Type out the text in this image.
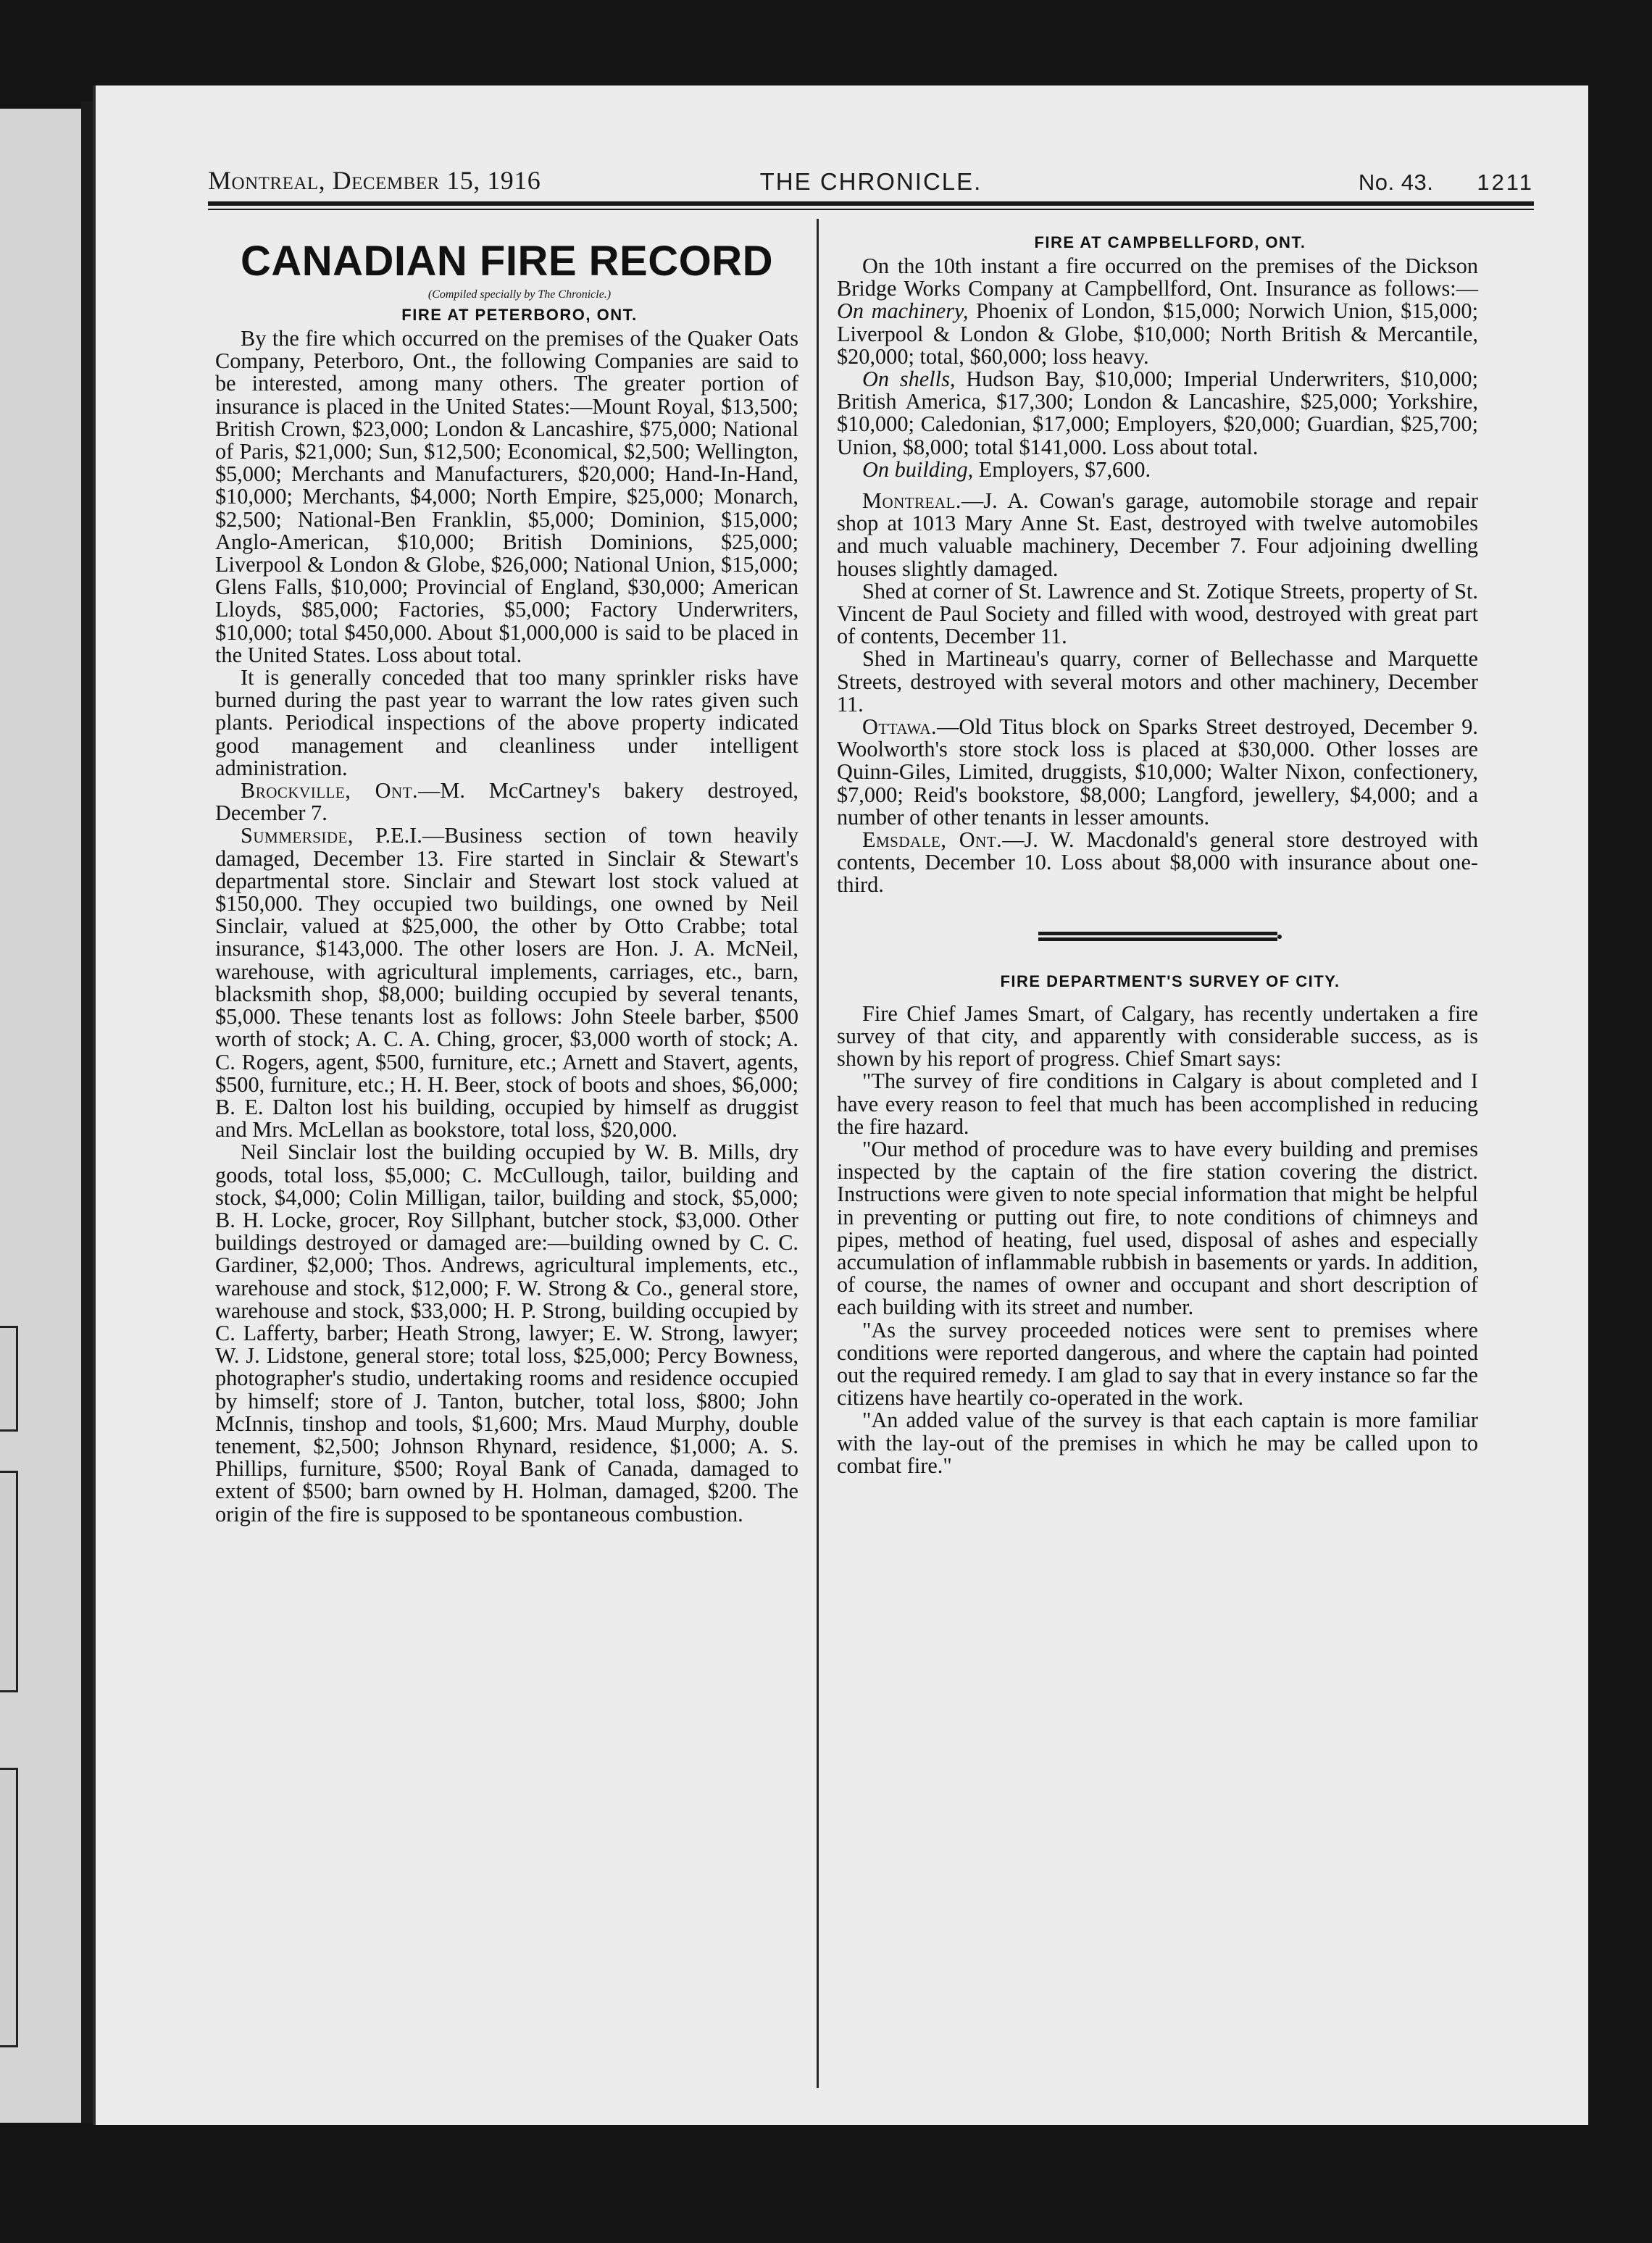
Montreal, December 15, 1916	THE CHRONICLE.	No. 43. 1211
CANADIAN FIRE RECORD

(Compiled specially by The Chronicle.)

FIRE AT PETERBORO, ONT.

By the fire which occurred on the premises of the Quaker Oats Company, Peterboro, Ont., the following Companies are said to be interested, among many others. The greater portion of insurance is placed in the United States:—Mount Royal, $13,500; British Crown, $23,000; London & Lancashire, $75,000; National of Paris, $21,000; Sun, $12,500; Economical, $2,500; Wellington, $5,000; Merchants and Manufacturers, $20,000; Hand-In-Hand, $10,000; Merchants, $4,000; North Empire, $25,000; Monarch, $2,500; National-Ben Franklin, $5,000; Dominion, $15,000; Anglo-American, $10,000; British Dominions, $25,000; Liverpool & London & Globe, $26,000; National Union, $15,000; Glens Falls, $10,000; Provincial of England, $30,000; American Lloyds, $85,000; Factories, $5,000; Factory Underwriters, $10,000; total $450,000. About $1,000,000 is said to be placed in the United States. Loss about total.

It is generally conceded that too many sprinkler risks have burned during the past year to warrant the low rates given such plants. Periodical inspections of the above property indicated good management and cleanliness under intelligent administration.

Brockville, Ont.—M. McCartney's bakery destroyed, December 7.

Summerside, P.E.I.—Business section of town heavily damaged, December 13. Fire started in Sinclair & Stewart's departmental store. Sinclair and Stewart lost stock valued at $150,000. They occupied two buildings, one owned by Neil Sinclair, valued at $25,000, the other by Otto Crabbe; total insurance, $143,000. The other losers are Hon. J. A. McNeil, warehouse, with agricultural implements, carriages, etc., barn, blacksmith shop, $8,000; building occupied by several tenants, $5,000. These tenants lost as follows: John Steele barber, $500 worth of stock; A. C. A. Ching, grocer, $3,000 worth of stock; A. C. Rogers, agent, $500, furniture, etc.; Arnett and Stavert, agents, $500, furniture, etc.; H. H. Beer, stock of boots and shoes, $6,000; B. E. Dalton lost his building, occupied by himself as druggist and Mrs. McLellan as bookstore, total loss, $20,000.

Neil Sinclair lost the building occupied by W. B. Mills, dry goods, total loss, $5,000; C. McCullough, tailor, building and stock, $4,000; Colin Milligan, tailor, building and stock, $5,000; B. H. Locke, grocer, Roy Sillphant, butcher stock, $3,000. Other buildings destroyed or damaged are:—building owned by C. C. Gardiner, $2,000; Thos. Andrews, agricultural implements, etc., warehouse and stock, $12,000; F. W. Strong & Co., general store, warehouse and stock, $33,000; H. P. Strong, building occupied by C. Lafferty, barber; Heath Strong, lawyer; E. W. Strong, lawyer; W. J. Lidstone, general store; total loss, $25,000; Percy Bowness, photographer's studio, undertaking rooms and residence occupied by himself; store of J. Tanton, butcher, total loss, $800; John McInnis, tinshop and tools, $1,600; Mrs. Maud Murphy, double tenement, $2,500; Johnson Rhynard, residence, $1,000; A. S. Phillips, furniture, $500; Royal Bank of Canada, damaged to extent of $500; barn owned by H. Holman, damaged, $200. The origin of the fire is supposed to be spontaneous combustion.

FIRE AT CAMPBELLFORD, ONT.

On the 10th instant a fire occurred on the premises of the Dickson Bridge Works Company at Campbellford, Ont. Insurance as follows:—On machinery, Phoenix of London, $15,000; Norwich Union, $15,000; Liverpool & London & Globe, $10,000; North British & Mercantile, $20,000; total, $60,000; loss heavy.

On shells, Hudson Bay, $10,000; Imperial Underwriters, $10,000; British America, $17,300; London & Lancashire, $25,000; Yorkshire, $10,000; Caledonian, $17,000; Employers, $20,000; Guardian, $25,700; Union, $8,000; total $141,000. Loss about total.

On building, Employers, $7,600.

Montreal.—J. A. Cowan's garage, automobile storage and repair shop at 1013 Mary Anne St. East, destroyed with twelve automobiles and much valuable machinery, December 7. Four adjoining dwelling houses slightly damaged.

Shed at corner of St. Lawrence and St. Zotique Streets, property of St. Vincent de Paul Society and filled with wood, destroyed with great part of contents, December 11.

Shed in Martineau's quarry, corner of Bellechasse and Marquette Streets, destroyed with several motors and other machinery, December 11.

Ottawa.—Old Titus block on Sparks Street destroyed, December 9. Woolworth's store stock loss is placed at $30,000. Other losses are Quinn-Giles, Limited, druggists, $10,000; Walter Nixon, confectionery, $7,000; Reid's bookstore, $8,000; Langford, jewellery, $4,000; and a number of other tenants in lesser amounts.

Emsdale, Ont.—J. W. Macdonald's general store destroyed with contents, December 10. Loss about $8,000 with insurance about one-third.

FIRE DEPARTMENT'S SURVEY OF CITY.

Fire Chief James Smart, of Calgary, has recently undertaken a fire survey of that city, and apparently with considerable success, as is shown by his report of progress. Chief Smart says:

"The survey of fire conditions in Calgary is about completed and I have every reason to feel that much has been accomplished in reducing the fire hazard.

"Our method of procedure was to have every building and premises inspected by the captain of the fire station covering the district. Instructions were given to note special information that might be helpful in preventing or putting out fire, to note conditions of chimneys and pipes, method of heating, fuel used, disposal of ashes and especially accumulation of inflammable rubbish in basements or yards. In addition, of course, the names of owner and occupant and short description of each building with its street and number.

"As the survey proceeded notices were sent to premises where conditions were reported dangerous, and where the captain had pointed out the required remedy. I am glad to say that in every instance so far the citizens have heartily co-operated in the work.

"An added value of the survey is that each captain is more familiar with the lay-out of the premises in which he may be called upon to combat fire."
